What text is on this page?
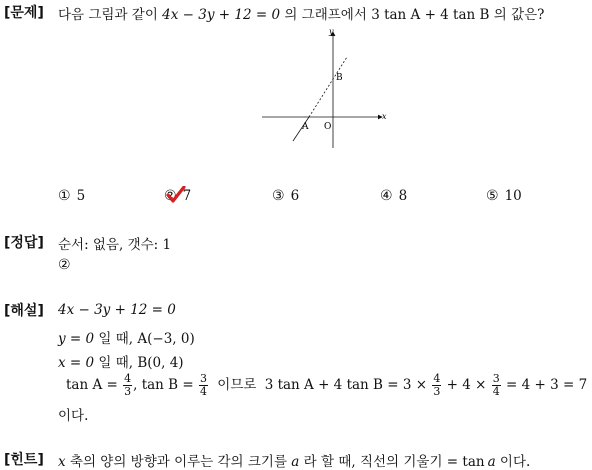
[문제] 다음 그림과 같이 4x − 3y + 12 = 0 의 그래프에서 3 tan A + 4 tan B 의 값은?
y
x
B
A O
① 5	② 7	③ 6	④ 8	⑤ 10
[정답] 순서: 없음, 갯수: 1
②
[해설] 4x − 3y + 12 = 0
y = 0 일 때, A(−3, 0)
x = 0 일 때, B(0, 4)
$\tan A = \frac{4}{3}$ , $\tan B = \frac{3}{4}$ 이므로 3 tan A + 4 $\tan B = 3 \times \frac{4}{3} + 4 \times \frac{3}{4} = 4 + 3 = 7$
이다.
[힌트] x 축의 양의 방향과 이루는 각의 크기를 a 라 할 때, 직선의 기울기 = tan a 이다.
